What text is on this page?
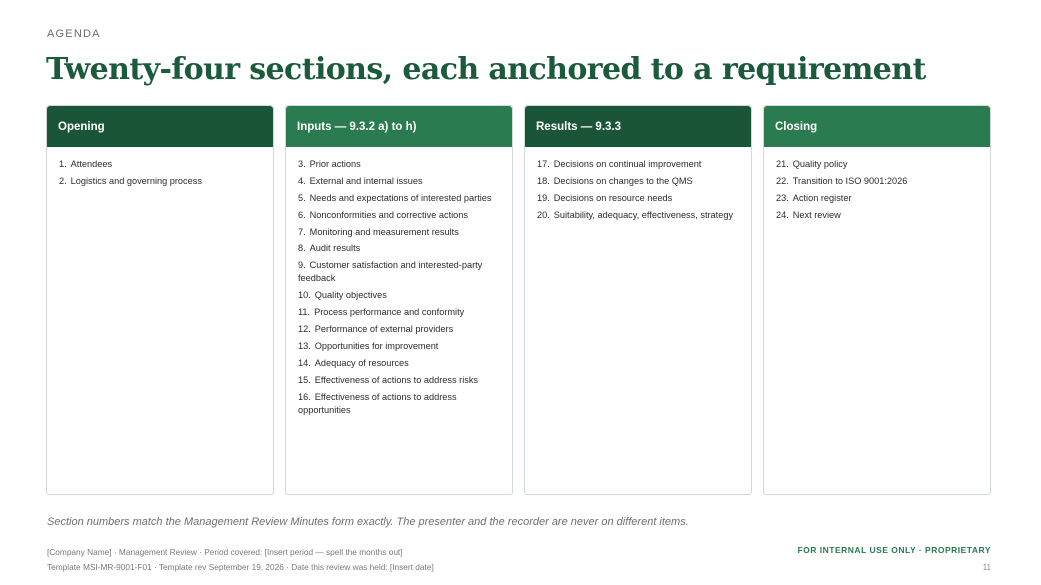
AGENDA
Twenty-four sections, each anchored to a requirement
Opening
1. Attendees
2. Logistics and governing process
Inputs — 9.3.2 a) to h)
3. Prior actions
4. External and internal issues
5. Needs and expectations of interested parties
6. Nonconformities and corrective actions
7. Monitoring and measurement results
8. Audit results
9. Customer satisfaction and interested-party feedback
10. Quality objectives
11. Process performance and conformity
12. Performance of external providers
13. Opportunities for improvement
14. Adequacy of resources
15. Effectiveness of actions to address risks
16. Effectiveness of actions to address opportunities
Results — 9.3.3
17. Decisions on continual improvement
18. Decisions on changes to the QMS
19. Decisions on resource needs
20. Suitability, adequacy, effectiveness, strategy
Closing
21. Quality policy
22. Transition to ISO 9001:2026
23. Action register
24. Next review

Section numbers match the Management Review Minutes form exactly. The presenter and the recorder are never on different items.

[Company Name] · Management Review · Period covered: [Insert period — spell the months out]
Template MSI-MR-9001-F01 · Template rev September 19, 2026 · Date this review was held: [Insert date]
FOR INTERNAL USE ONLY · PROPRIETARY
11
